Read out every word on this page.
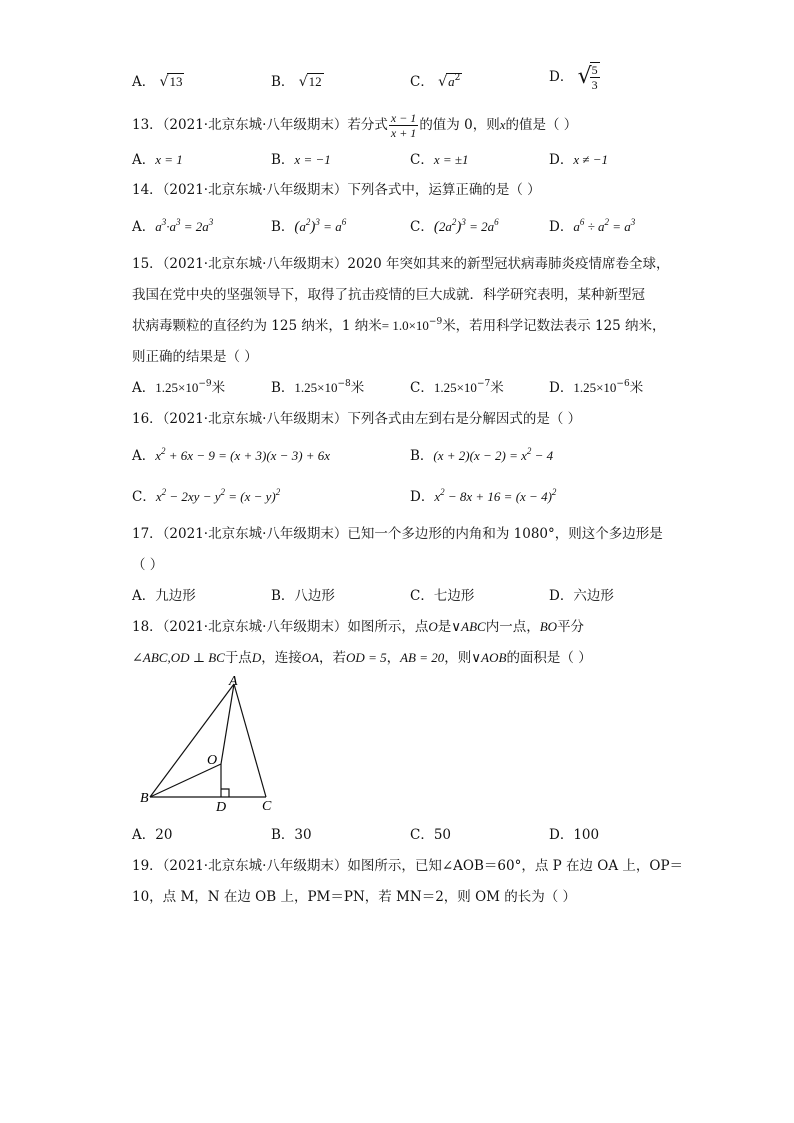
A． √13	B． √12	C． $√a^2$	D． √
$\frac{5}{3}$
13．（2021·北京东城·八年级期末）若分式 $\frac{x - 1}{x + 1}$ 的值为 0，则x的值是（ ）
A．x = 1	B．x = −1	C．x = ±1	D．x ≠ −1
14．（2021·北京东城·八年级期末）下列各式中，运算正确的是（ ）
A．$a^3\cdot a^3 = 2a^3$	B．$(a^2)^3 = a^6$	C．$(2a^2)^3 = 2a^6$	D．$a^6 \div a^2 = a^3$
15．（2021·北京东城·八年级期末）2020 年突如其来的新型冠状病毒肺炎疫情席卷全球，
我国在党中央的坚强领导下，取得了抗击疫情的巨大成就．科学研究表明，某种新型冠
状病毒颗粒的直径约为 125 纳米，1 纳米= $1.0\times 10^{-9}$米，若用科学记数法表示 125 纳米，
则正确的结果是（ ）
A．$1.25\times 10^{-9}$米	B．$1.25\times 10^{-8}$米	C．$1.25\times 10^{-7}$米	D．$1.25\times 10^{-6}$米
16．（2021·北京东城·八年级期末）下列各式由左到右是分解因式的是（ ）
A．$x^2 + 6x - 9 = (x + 3)(x - 3) + 6x$	B．$(x + 2)(x - 2) = x^2 - 4$
C．$x^2 - 2xy - y^2 = (x - y)^2$	D．$x^2 - 8x + 16 = (x - 4)^2$
17．（2021·北京东城·八年级期末）已知一个多边形的内角和为 1080°，则这个多边形是
（ ）
A．九边形	B．八边形	C．七边形	D．六边形
18．（2021·北京东城·八年级期末）如图所示，点O是∨ABC内一点，BO平分
∠ABC,OD ⊥ BC于点D，连接OA，若OD = 5，AB = 20，则∨AOB的面积是（ ）
A
B
C
D
O
A．20	B．30	C．50	D．100
19．（2021·北京东城·八年级期末）如图所示，已知∠AOB＝60°，点 P 在边 OA 上，OP＝
10，点 M，N 在边 OB 上，PM＝PN，若 MN＝2，则 OM 的长为（ ）
